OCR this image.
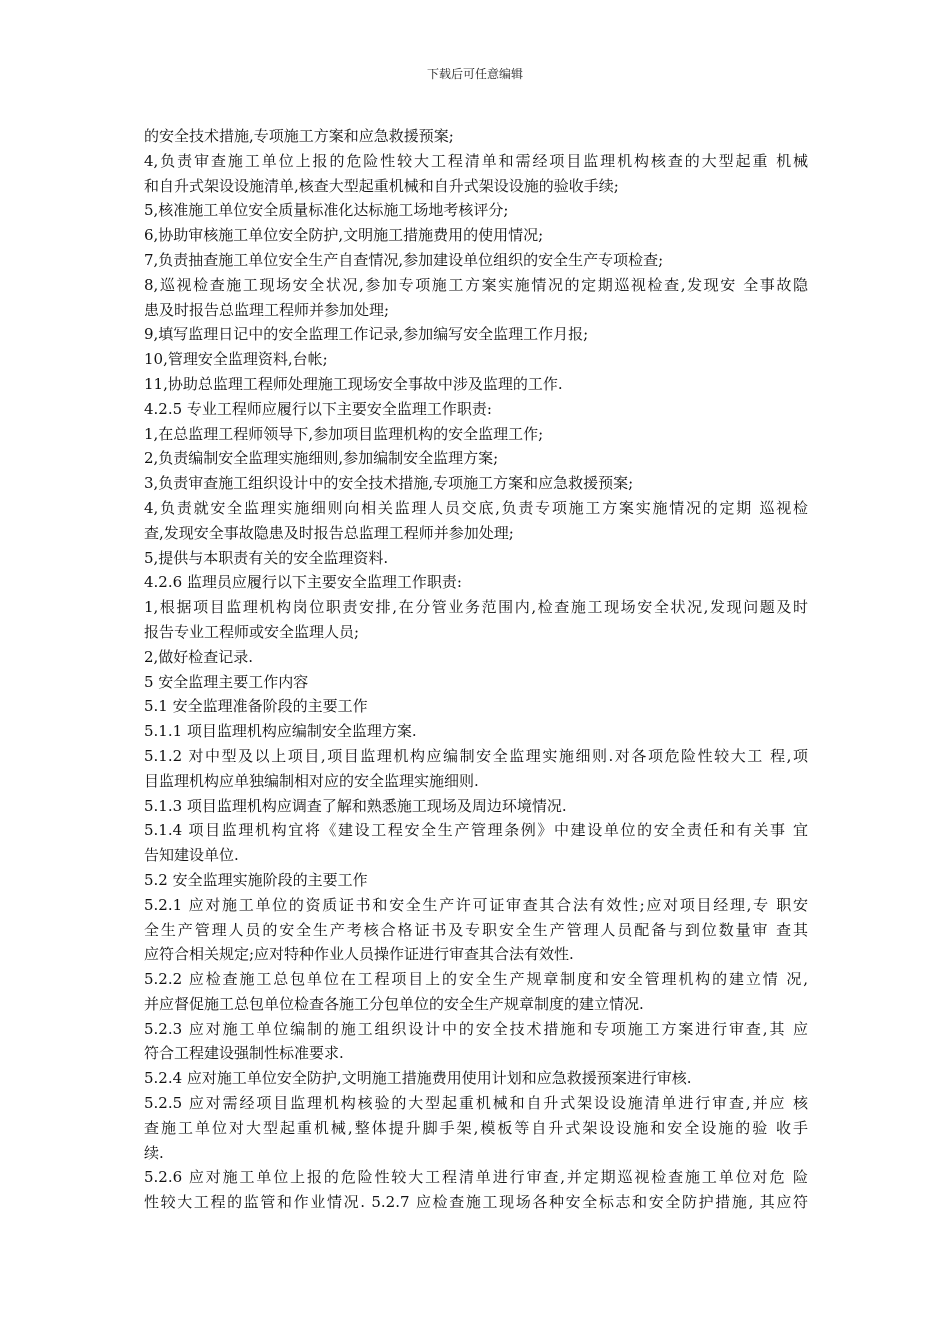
下载后可任意编辑
的安全技术措施,专项施工方案和应急救援预案;
4,负责审查施工单位上报的危险性较大工程清单和需经项目监理机构核查的大型起重 机械
和自升式架设设施清单,核查大型起重机械和自升式架设设施的验收手续;
5,核准施工单位安全质量标准化达标施工场地考核评分;
6,协助审核施工单位安全防护,文明施工措施费用的使用情况;
7,负责抽查施工单位安全生产自查情况,参加建设单位组织的安全生产专项检查;
8,巡视检查施工现场安全状况,参加专项施工方案实施情况的定期巡视检查,发现安 全事故隐
患及时报告总监理工程师并参加处理;
9,填写监理日记中的安全监理工作记录,参加编写安全监理工作月报;
10,管理安全监理资料,台帐;
11,协助总监理工程师处理施工现场安全事故中涉及监理的工作.
4.2.5 专业工程师应履行以下主要安全监理工作职责:
1,在总监理工程师领导下,参加项目监理机构的安全监理工作;
2,负责编制安全监理实施细则,参加编制安全监理方案;
3,负责审查施工组织设计中的安全技术措施,专项施工方案和应急救援预案;
4,负责就安全监理实施细则向相关监理人员交底,负责专项施工方案实施情况的定期 巡视检
查,发现安全事故隐患及时报告总监理工程师并参加处理;
5,提供与本职责有关的安全监理资料.
4.2.6 监理员应履行以下主要安全监理工作职责:
1,根据项目监理机构岗位职责安排,在分管业务范围内,检查施工现场安全状况,发现问题及时
报告专业工程师或安全监理人员;
2,做好检查记录.
5 安全监理主要工作内容
5.1 安全监理准备阶段的主要工作
5.1.1 项目监理机构应编制安全监理方案.
5.1.2 对中型及以上项目,项目监理机构应编制安全监理实施细则.对各项危险性较大工 程,项
目监理机构应单独编制相对应的安全监理实施细则.
5.1.3 项目监理机构应调查了解和熟悉施工现场及周边环境情况.
5.1.4 项目监理机构宜将《建设工程安全生产管理条例》中建设单位的安全责任和有关事 宜
告知建设单位.
5.2 安全监理实施阶段的主要工作
5.2.1 应对施工单位的资质证书和安全生产许可证审查其合法有效性;应对项目经理,专 职安
全生产管理人员的安全生产考核合格证书及专职安全生产管理人员配备与到位数量审 查其
应符合相关规定;应对特种作业人员操作证进行审查其合法有效性.
5.2.2 应检查施工总包单位在工程项目上的安全生产规章制度和安全管理机构的建立情 况,
并应督促施工总包单位检查各施工分包单位的安全生产规章制度的建立情况.
5.2.3 应对施工单位编制的施工组织设计中的安全技术措施和专项施工方案进行审查,其 应
符合工程建设强制性标准要求.
5.2.4 应对施工单位安全防护,文明施工措施费用使用计划和应急救援预案进行审核.
5.2.5 应对需经项目监理机构核验的大型起重机械和自升式架设设施清单进行审查,并应 核
查施工单位对大型起重机械,整体提升脚手架,模板等自升式架设设施和安全设施的验 收手
续.
5.2.6 应对施工单位上报的危险性较大工程清单进行审查,并定期巡视检查施工单位对危 险
性较大工程的监管和作业情况. 5.2.7 应检查施工现场各种安全标志和安全防护措施, 其应符
